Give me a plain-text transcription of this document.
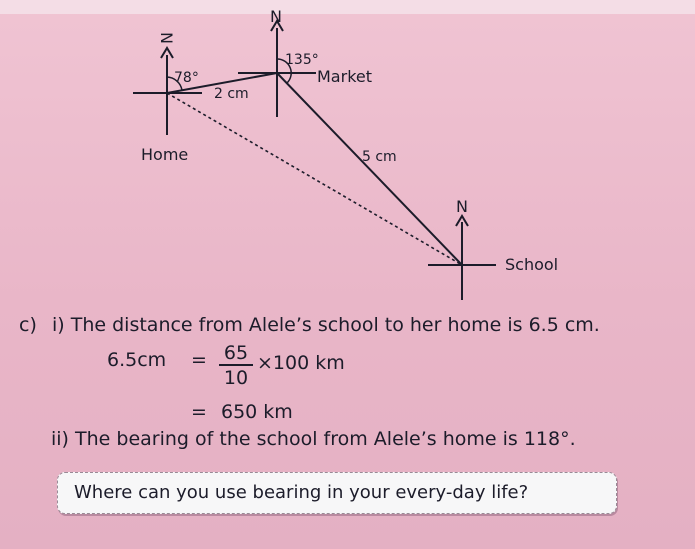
N
N
N
78°
135°
2 cm
5 cm
Home
Market
School
c) i) The distance from Alele’s school to her home is 6.5 cm.
$6.5cm = \frac{65}{10} \times 100$ km
= 650 km
ii) The bearing of the school from Alele’s home is 118°.
Where can you use bearing in your every-day life?
